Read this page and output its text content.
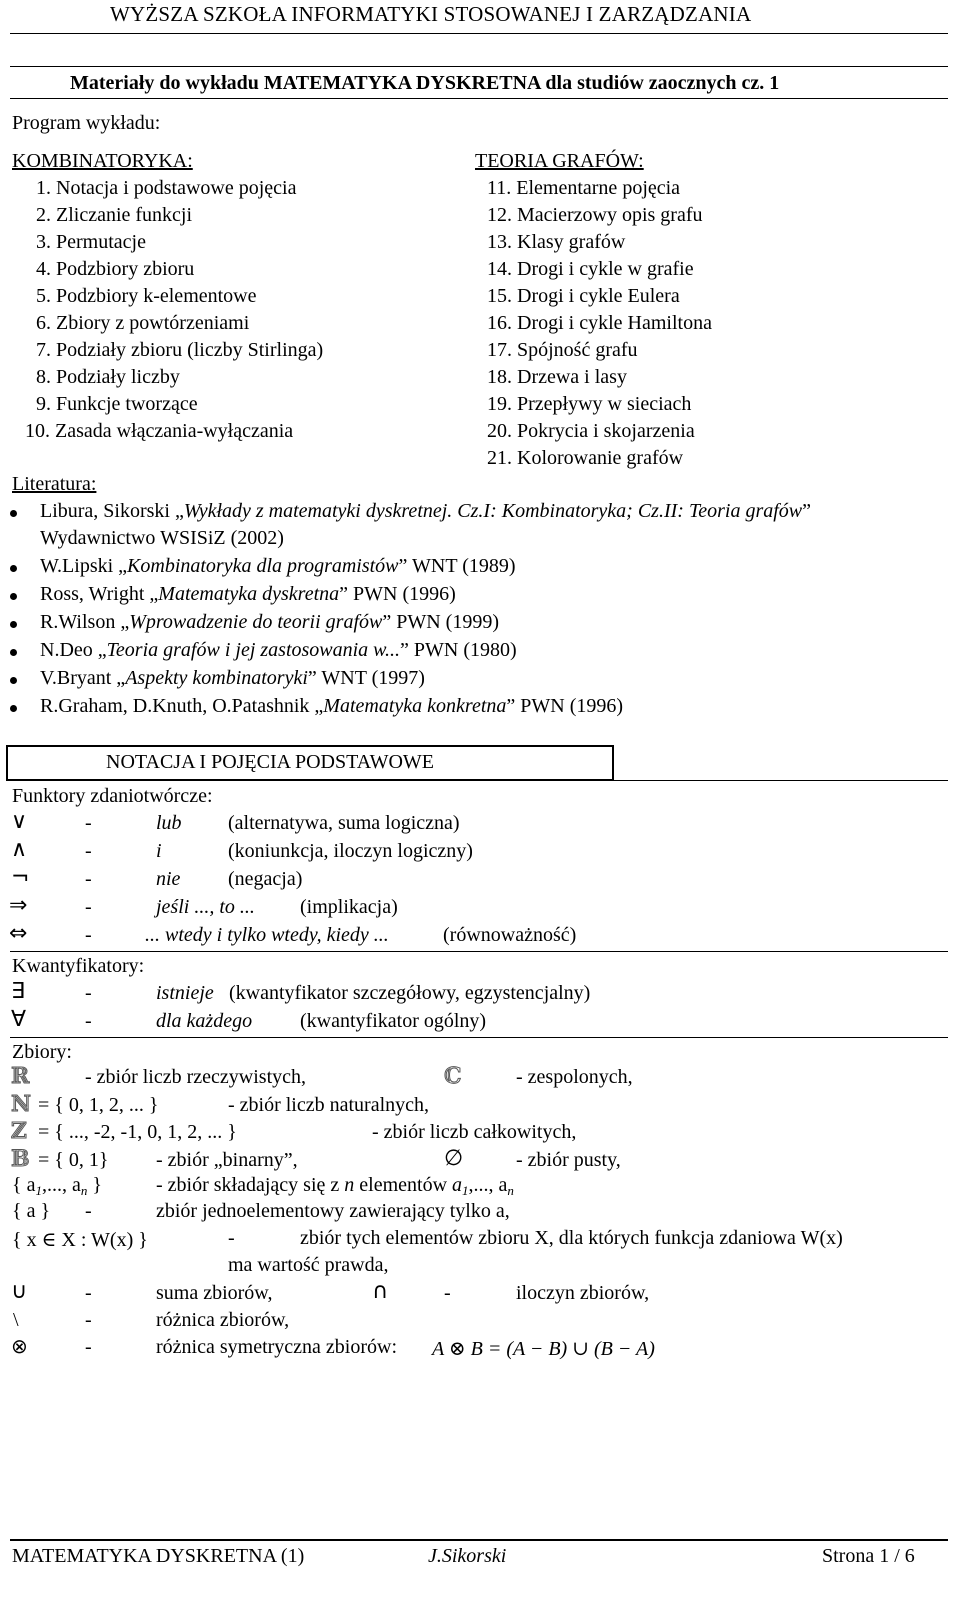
WYŻSZA SZKOŁA INFORMATYKI STOSOWANEJ I ZARZĄDZANIA
Materiały do wykładu MATEMATYKA DYSKRETNA dla studiów zaocznych cz. 1
Program wykładu:
KOMBINATORYKA:
1. Notacja i podstawowe pojęcia
2. Zliczanie funkcji
3. Permutacje
4. Podzbiory zbioru
5. Podzbiory k-elementowe
6. Zbiory z powtórzeniami
7. Podziały zbioru (liczby Stirlinga)
8. Podziały liczby
9. Funkcje tworzące
10. Zasada włączania-wyłączania
TEORIA GRAFÓW:
11. Elementarne pojęcia
12. Macierzowy opis grafu
13. Klasy grafów
14. Drogi i cykle w grafie
15. Drogi i cykle Eulera
16. Drogi i cykle Hamiltona
17. Spójność grafu
18. Drzewa i lasy
19. Przepływy w sieciach
20. Pokrycia i skojarzenia
21. Kolorowanie grafów
Literatura:
Libura, Sikorski „Wykłady z matematyki dyskretnej. Cz.I: Kombinatoryka; Cz.II: Teoria grafów”
Wydawnictwo WSISiZ (2002)
W.Lipski „Kombinatoryka dla programistów” WNT (1989)
Ross, Wright „Matematyka dyskretna” PWN (1996)
R.Wilson „Wprowadzenie do teorii grafów” PWN (1999)
N.Deo „Teoria grafów i jej zastosowania w...” PWN (1980)
V.Bryant „Aspekty kombinatoryki” WNT (1997)
R.Graham, D.Knuth, O.Patashnik „Matematyka konkretna” PWN (1996)
NOTACJA I POJĘCIA PODSTAWOWE
Funktory zdaniotwórcze:
∨	-	lub (alternatywa, suma logiczna)
∧	-	i	(koniunkcja, iloczyn logiczny)
¬	-	nie (negacja)
⇒	-	jeśli ..., to ... (implikacja)
⇔	-	... wtedy i tylko wtedy, kiedy ...	(równoważność)
Kwantyfikatory:
∃	-	istnieje (kwantyfikator szczegółowy, egzystencjalny)
∀	-	dla każdego (kwantyfikator ogólny)
Zbiory:
ℝ	- zbiór liczb rzeczywistych,	ℂ	- zespolonych,
ℕ = { 0, 1, 2, ... }	- zbiór liczb naturalnych,
ℤ = { ..., -2, -1, 0, 1, 2, ... }	- zbiór liczb całkowitych,
𝔹 = { 0, 1} - zbiór „binarny”,	∅	- zbiór pusty,
{ $a_1$,..., $a_n$ }	- zbiór składający się z n elementów $a_1$,..., $a_n$
{ a } -	zbiór jednoelementowy zawierający tylko a,
{ x ∈ X : W(x) }	-	zbiór tych elementów zbioru X, dla których funkcja zdaniowa W(x)
ma wartość prawda,
∪	-	suma zbiorów,	∩	-	iloczyn zbiorów,
\	-	różnica zbiorów,
⊗	-	różnica symetryczna zbiorów: A ⊗ B = (A − B) ∪ (B − A)
MATEMATYKA DYSKRETNA (1)	J.Sikorski	Strona 1 / 6
